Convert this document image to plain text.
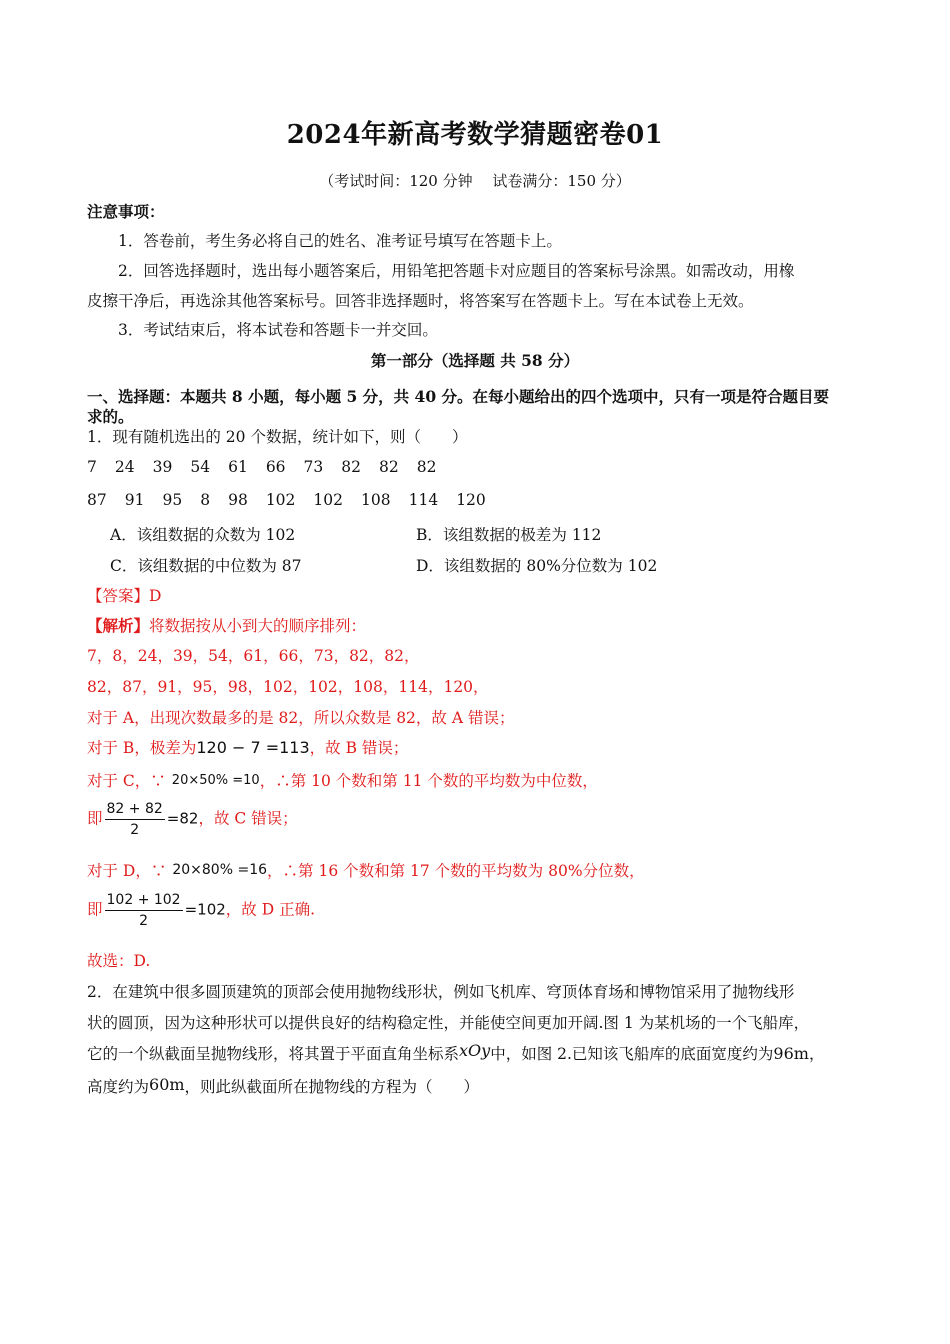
2024年新高考数学猜题密卷01
（考试时间：120 分钟　 试卷满分：150 分）
注意事项：
1．答卷前，考生务必将自己的姓名、准考证号填写在答题卡上。
2．回答选择题时，选出每小题答案后，用铅笔把答题卡对应题目的答案标号涂黑。如需改动，用橡
皮擦干净后，再选涂其他答案标号。回答非选择题时，将答案写在答题卡上。写在本试卷上无效。
3．考试结束后，将本试卷和答题卡一并交回。
第一部分（选择题 共 58 分）
一、选择题：本题共 8 小题，每小题 5 分，共 40 分。在每小题给出的四个选项中，只有一项是符合题目要
求的。
1．现有随机选出的 20 个数据，统计如下，则（　　）
7 24 39 54 61 66 73 82 82 82
87 91 95 8 98 102 102 108 114 120
A．该组数据的众数为 102	B．该组数据的极差为 112
C．该组数据的中位数为 87	D．该组数据的 80%分位数为 102
【答案】D
【解析】将数据按从小到大的顺序排列：
7，8，24，39，54，61，66，73，82，82，
82，87，91，95，98，102，102，108，114，120，
对于 A，出现次数最多的是 82，所以众数是 82，故 A 错误；
对于 B，极差为120 − 7 =113，故 B 错误；
对于 C，∵ 20×50% =10，∴第 10 个数和第 11 个数的平均数为中位数，
即 $\frac{82 + 82}{2} =82$，故 C 错误；
对于 D，∵ 20×80% =16，∴第 16 个数和第 17 个数的平均数为 80%分位数，
即 $\frac{102 + 102}{2} =102$，故 D 正确.
故选：D.
2．在建筑中很多圆顶建筑的顶部会使用抛物线形状，例如飞机库、穹顶体育场和博物馆采用了抛物线形
状的圆顶，因为这种形状可以提供良好的结构稳定性，并能使空间更加开阔.图 1 为某机场的一个飞船库，
它的一个纵截面呈抛物线形，将其置于平面直角坐标系xOy中，如图 2.已知该飞船库的底面宽度约为96m，
高度约为60m，则此纵截面所在抛物线的方程为（　　）
